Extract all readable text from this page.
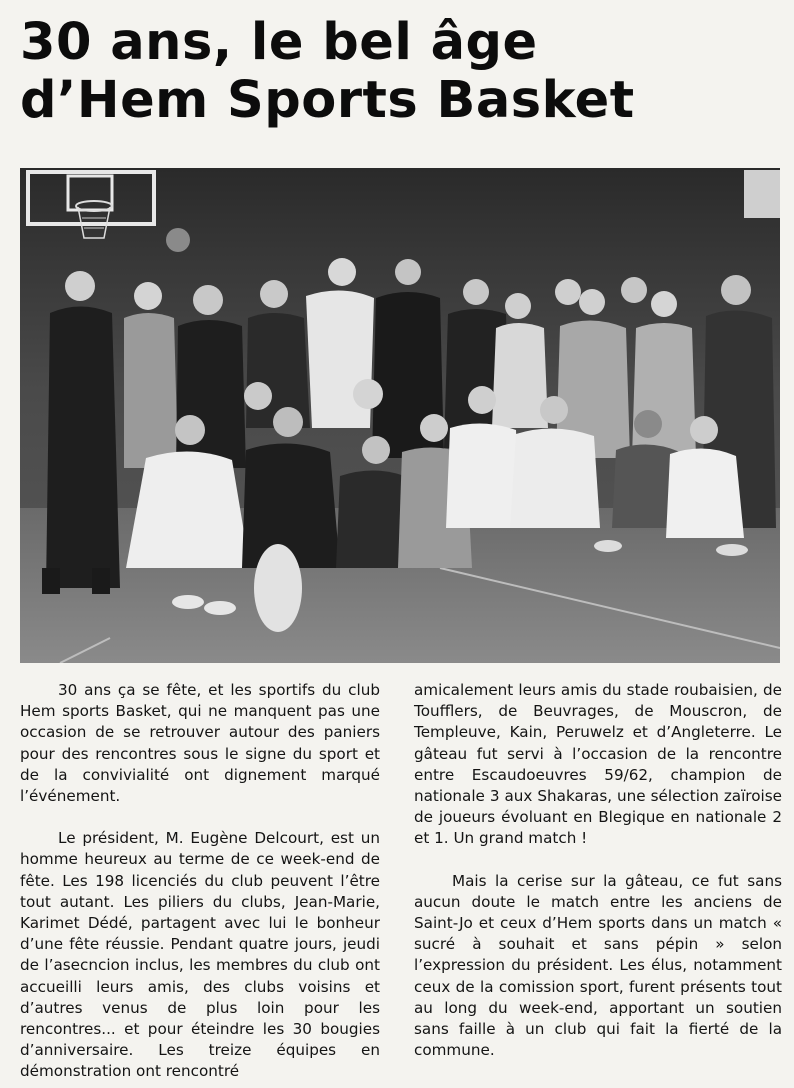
30 ans, le bel âge
d’Hem Sports Basket

30 ans ça se fête, et les sportifs du club Hem sports Basket, qui ne manquent pas une occasion de se retrouver autour des paniers pour des rencontres sous le signe du sport et de la convivialité ont dignement marqué l’événement.

Le président, M. Eugène Delcourt, est un homme heureux au terme de ce week-end de fête. Les 198 licenciés du club peuvent l’être tout autant. Les piliers du clubs, Jean-Marie, Karimet Dédé, partagent avec lui le bonheur d’une fête réussie. Pendant quatre jours, jeudi de l’asecncion inclus, les membres du club ont accueilli leurs amis, des clubs voisins et d’autres venus de plus loin pour les rencontres... et pour éteindre les 30 bougies d’anniversaire. Les treize équipes en démonstration ont rencontré

amicalement leurs amis du stade roubaisien, de Toufflers, de Beuvrages, de Mouscron, de Templeuve, Kain, Peruwelz et d’Angleterre. Le gâteau fut servi à l’occasion de la rencontre entre Escaudoeuvres 59/62, champion de nationale 3 aux Shakaras, une sélection zaïroise de joueurs évoluant en Blegique en nationale 2 et 1. Un grand match !

Mais la cerise sur la gâteau, ce fut sans aucun doute le match entre les anciens de Saint-Jo et ceux d’Hem sports dans un match « sucré à souhait et sans pépin » selon l’expression du président. Les élus, notamment ceux de la comission sport, furent présents tout au long du week-end, apportant un soutien sans faille à un club qui fait la fierté de la commune.
